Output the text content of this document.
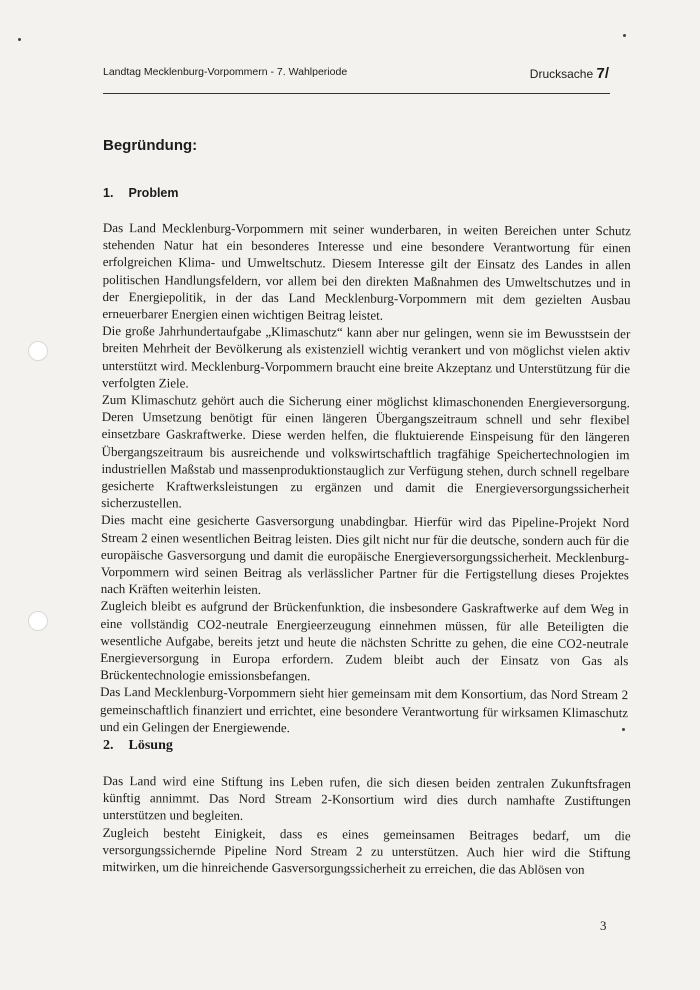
Landtag Mecklenburg-Vorpommern - 7. Wahlperiode	Drucksache 7/
Begründung:
1. Problem

Das Land Mecklenburg-Vorpommern mit seiner wunderbaren, in weiten Bereichen unter Schutz stehenden Natur hat ein besonderes Interesse und eine besondere Verantwortung für einen erfolgreichen Klima- und Umweltschutz. Diesem Interesse gilt der Einsatz des Landes in allen politischen Handlungsfeldern, vor allem bei den direkten Maßnahmen des Umweltschutzes und in der Energiepolitik, in der das Land Mecklenburg-Vorpommern mit dem gezielten Ausbau erneuerbarer Energien einen wichtigen Beitrag leistet.

Die große Jahrhundertaufgabe „Klimaschutz“ kann aber nur gelingen, wenn sie im Bewusstsein der breiten Mehrheit der Bevölkerung als existenziell wichtig verankert und von möglichst vielen aktiv unterstützt wird. Mecklenburg-Vorpommern braucht eine breite Akzeptanz und Unterstützung für die verfolgten Ziele.

Zum Klimaschutz gehört auch die Sicherung einer möglichst klimaschonenden Energieversorgung. Deren Umsetzung benötigt für einen längeren Übergangszeitraum schnell und sehr flexibel einsetzbare Gaskraftwerke. Diese werden helfen, die fluktuierende Einspeisung für den längeren Übergangszeitraum bis ausreichende und volkswirtschaftlich tragfähige Speichertechnologien im industriellen Maßstab und massenproduktionstauglich zur Verfügung stehen, durch schnell regelbare gesicherte Kraftwerksleistungen zu ergänzen und damit die Energieversorgungssicherheit sicherzustellen.

Dies macht eine gesicherte Gasversorgung unabdingbar. Hierfür wird das Pipeline-Projekt Nord Stream 2 einen wesentlichen Beitrag leisten. Dies gilt nicht nur für die deutsche, sondern auch für die europäische Gasversorgung und damit die europäische Energieversorgungssicherheit. Mecklenburg-Vorpommern wird seinen Beitrag als verlässlicher Partner für die Fertigstellung dieses Projektes nach Kräften weiterhin leisten.

Zugleich bleibt es aufgrund der Brückenfunktion, die insbesondere Gaskraftwerke auf dem Weg in eine vollständig CO2-neutrale Energieerzeugung einnehmen müssen, für alle Beteiligten die wesentliche Aufgabe, bereits jetzt und heute die nächsten Schritte zu gehen, die eine CO2-neutrale Energieversorgung in Europa erfordern. Zudem bleibt auch der Einsatz von Gas als Brückentechnologie emissionsbefangen.

Das Land Mecklenburg-Vorpommern sieht hier gemeinsam mit dem Konsortium, das Nord Stream 2 gemeinschaftlich finanziert und errichtet, eine besondere Verantwortung für wirksamen Klimaschutz und ein Gelingen der Energiewende.

2. Lösung

Das Land wird eine Stiftung ins Leben rufen, die sich diesen beiden zentralen Zukunftsfragen künftig annimmt. Das Nord Stream 2-Konsortium wird dies durch namhafte Zustiftungen unterstützen und begleiten.

Zugleich besteht Einigkeit, dass es eines gemeinsamen Beitrages bedarf, um die versorgungssichernde Pipeline Nord Stream 2 zu unterstützen. Auch hier wird die Stiftung mitwirken, um die hinreichende Gasversorgungssicherheit zu erreichen, die das Ablösen von

3
